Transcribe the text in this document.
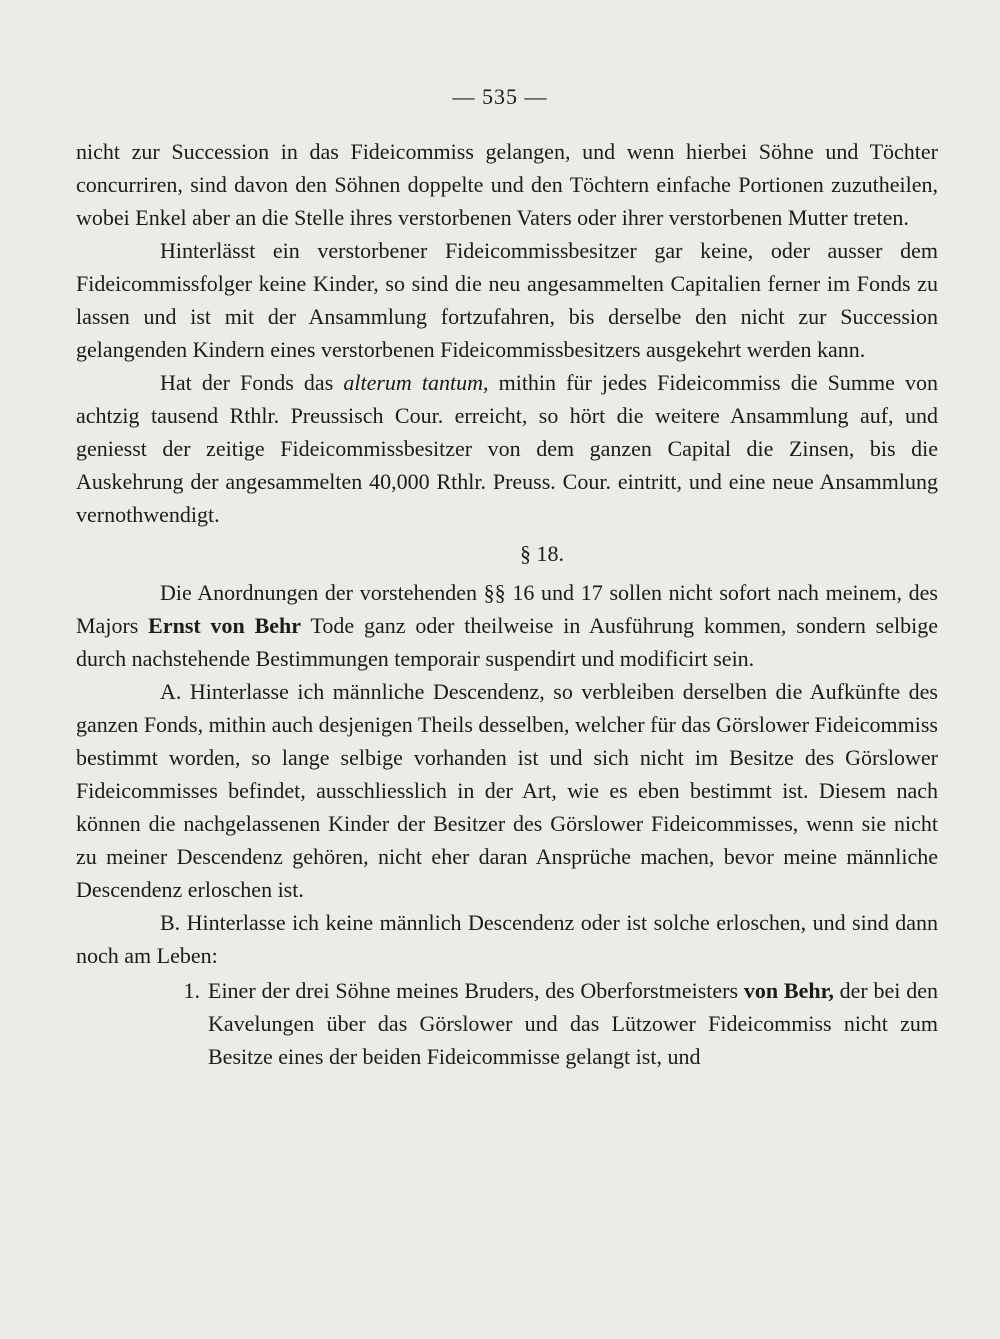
— 535 —

nicht zur Succession in das Fideicommiss gelangen, und wenn hierbei Söhne und Töchter concurriren, sind davon den Söhnen doppelte und den Töchtern einfache Portionen zuzutheilen, wobei Enkel aber an die Stelle ihres verstorbenen Vaters oder ihrer verstorbenen Mutter treten.

Hinterlässt ein verstorbener Fideicommissbesitzer gar keine, oder ausser dem Fideicommissfolger keine Kinder, so sind die neu angesammelten Capitalien ferner im Fonds zu lassen und ist mit der Ansammlung fortzufahren, bis derselbe den nicht zur Succession gelangenden Kindern eines verstorbenen Fideicommissbesitzers ausgekehrt werden kann.

Hat der Fonds das alterum tantum, mithin für jedes Fideicommiss die Summe von achtzig tausend Rthlr. Preussisch Cour. erreicht, so hört die weitere Ansammlung auf, und geniesst der zeitige Fideicommissbesitzer von dem ganzen Capital die Zinsen, bis die Auskehrung der angesammelten 40,000 Rthlr. Preuss. Cour. eintritt, und eine neue Ansammlung vernothwendigt.

§ 18.

Die Anordnungen der vorstehenden §§ 16 und 17 sollen nicht sofort nach meinem, des Majors Ernst von Behr Tode ganz oder theilweise in Ausführung kommen, sondern selbige durch nachstehende Bestimmungen temporair suspendirt und modificirt sein.

A. Hinterlasse ich männliche Descendenz, so verbleiben derselben die Aufkünfte des ganzen Fonds, mithin auch desjenigen Theils desselben, welcher für das Görslower Fideicommiss bestimmt worden, so lange selbige vorhanden ist und sich nicht im Besitze des Görslower Fideicommisses befindet, ausschliesslich in der Art, wie es eben bestimmt ist. Diesem nach können die nachgelassenen Kinder der Besitzer des Görslower Fideicommisses, wenn sie nicht zu meiner Descendenz gehören, nicht eher daran Ansprüche machen, bevor meine männliche Descendenz erloschen ist.

B. Hinterlasse ich keine männlich Descendenz oder ist solche erloschen, und sind dann noch am Leben:

1. Einer der drei Söhne meines Bruders, des Oberforstmeisters von Behr, der bei den Kavelungen über das Görslower und das Lützower Fideicommiss nicht zum Besitze eines der beiden Fideicommisse gelangt ist, und
